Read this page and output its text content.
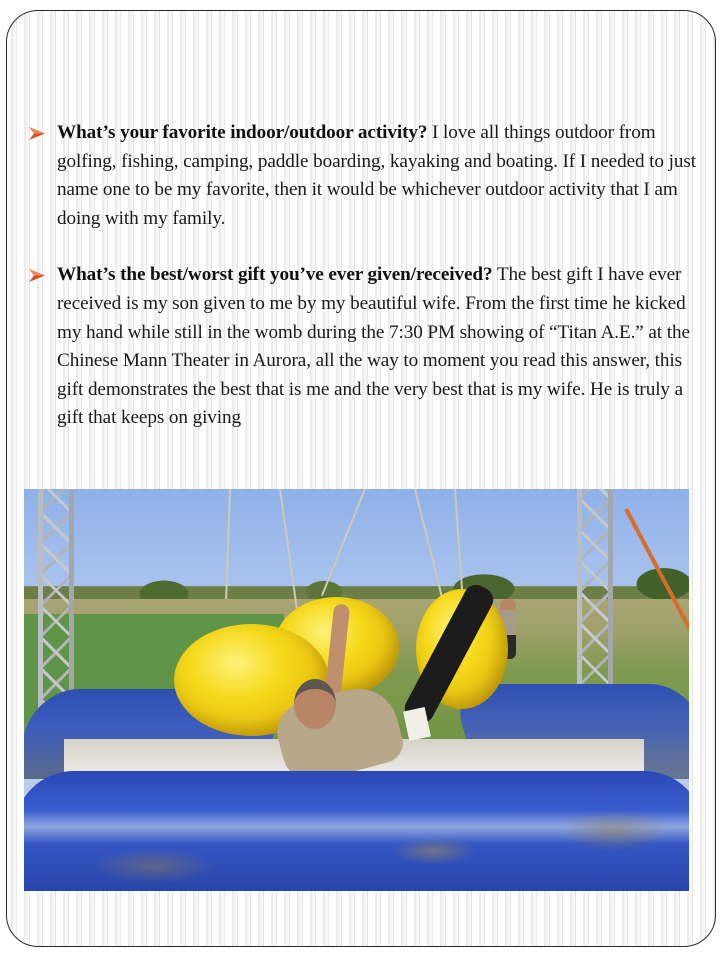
What’s your favorite indoor/outdoor activity? I love all things outdoor from golfing, fishing, camping, paddle boarding, kayaking and boating. If I needed to just name one to be my favorite, then it would be whichever outdoor activity that I am doing with my family.
What’s the best/worst gift you’ve ever given/received? The best gift I have ever received is my son given to me by my beautiful wife. From the first time he kicked my hand while still in the womb during the 7:30 PM showing of “Titan A.E.” at the Chinese Mann Theater in Aurora, all the way to moment you read this answer, this gift demonstrates the best that is me and the very best that is my wife. He is truly a gift that keeps on giving
